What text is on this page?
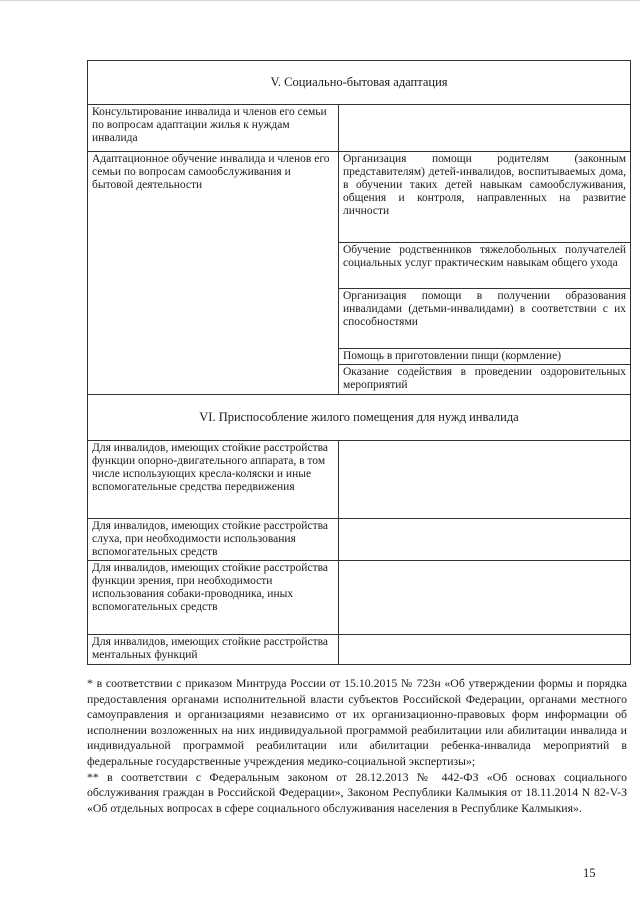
V. Социально-бытовая адаптация	
Консультирование инвалида и членов его семьи по вопросам адаптации жилья к нуждам инвалида	
Адаптационное обучение инвалида и членов его семьи по вопросам самообслуживания и бытовой деятельности	Организация помощи родителям (законным представителям) детей-инвалидов, воспитываемых дома, в обучении таких детей навыкам самообслуживания, общения и контроля, направленных на развитие личности
	Обучение родственников тяжелобольных получателей социальных услуг практическим навыкам общего ухода
	Организация помощи в получении образования инвалидами (детьми-инвалидами) в соответствии с их способностями
	Помощь в приготовлении пищи (кормление)
	Оказание содействия в проведении оздоровительных мероприятий
VI. Приспособление жилого помещения для нужд инвалида	
Для инвалидов, имеющих стойкие расстройства функции опорно-двигательного аппарата, в том числе использующих кресла-коляски и иные вспомогательные средства передвижения	
Для инвалидов, имеющих стойкие расстройства слуха, при необходимости использования вспомогательных средств	
Для инвалидов, имеющих стойкие расстройства функции зрения, при необходимости использования собаки-проводника, иных вспомогательных средств	
Для инвалидов, имеющих стойкие расстройства ментальных функций	

* в соответствии с приказом Минтруда России от 15.10.2015 № 723н «Об утверждении формы и порядка предоставления органами исполнительной власти субъектов Российской Федерации, органами местного самоуправления и организациями независимо от их организационно-правовых форм информации об исполнении возложенных на них индивидуальной программой реабилитации или абилитации инвалида и индивидуальной программой реабилитации или абилитации ребенка-инвалида мероприятий в федеральные государственные учреждения медико-социальной экспертизы»;

** в соответствии с Федеральным законом от 28.12.2013 № 442-ФЗ «Об основах социального обслуживания граждан в Российской Федерации», Законом Республики Калмыкия от 18.11.2014 N 82-V-З «Об отдельных вопросах в сфере социального обслуживания населения в Республике Калмыкия».

15
